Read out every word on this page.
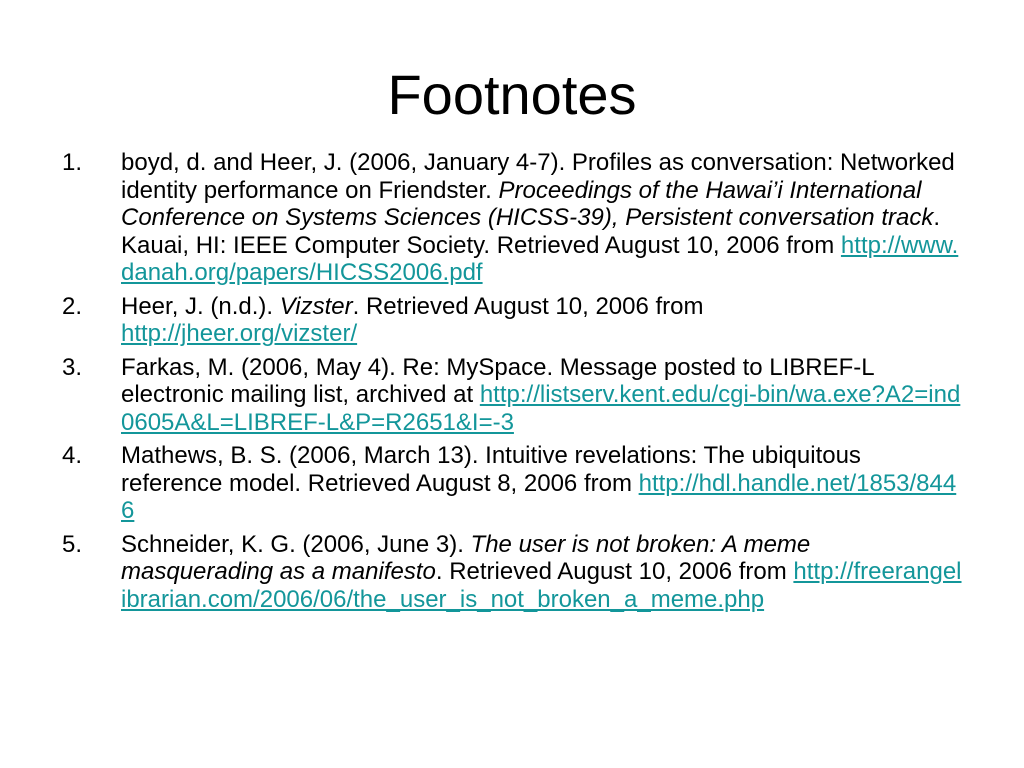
Footnotes
1. boyd, d. and Heer, J. (2006, January 4-7). Profiles as conversation: Networked identity performance on Friendster. Proceedings of the Hawai’i International Conference on Systems Sciences (HICSS-39), Persistent conversation track. Kauai, HI: IEEE Computer Society. Retrieved August 10, 2006 from http://www.danah.org/papers/HICSS2006.pdf
2. Heer, J. (n.d.). Vizster. Retrieved August 10, 2006 from
http://jheer.org/vizster/
3. Farkas, M. (2006, May 4). Re: MySpace. Message posted to LIBREF-L electronic mailing list, archived at http://listserv.kent.edu/cgi-bin/wa.exe?A2=ind0605A&L=LIBREF-L&P=R2651&I=-3
4. Mathews, B. S. (2006, March 13). Intuitive revelations: The ubiquitous reference model. Retrieved August 8, 2006 from http://hdl.handle.net/1853/8446
5. Schneider, K. G. (2006, June 3). The user is not broken: A meme masquerading as a manifesto. Retrieved August 10, 2006 from http://freerangelibrarian.com/2006/06/the_user_is_not_broken_a_meme.php
